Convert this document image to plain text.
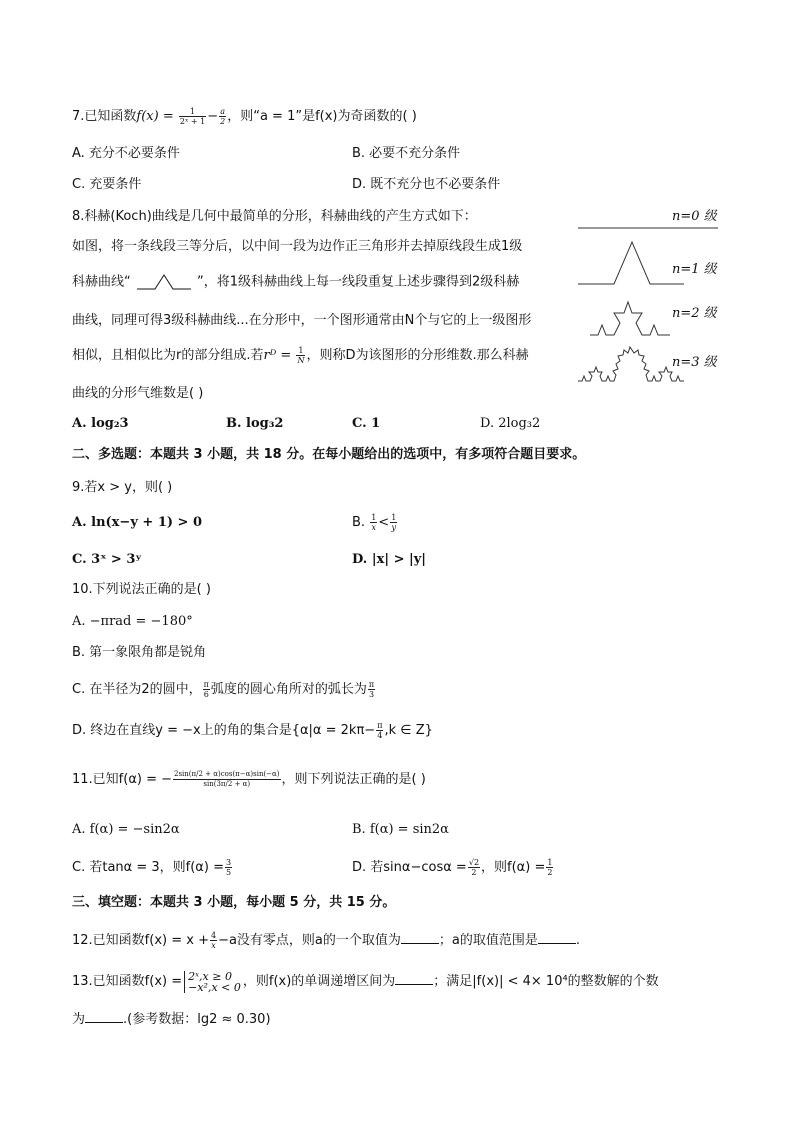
7.已知函数$f(x) = \frac{1}{\text{2ˣ + 1}} - \frac{a}{2}$ ，则“a = 1”是f(x)为奇函数的( )
A. 充分不必要条件	B. 必要不充分条件
C. 充要条件	D. 既不充分也不必要条件
8.科赫(Koch)曲线是几何中最简单的分形，科赫曲线的产生方式如下：
如图，将一条线段三等分后，以中间一段为边作正三角形并去掉原线段生成1级
科赫曲线“	”，将1级科赫曲线上每一线段重复上述步骤得到2级科赫
曲线，同理可得3级科赫曲线...在分形中，一个图形通常由N个与它的上一级图形
相似，且相似比为r的部分组成.若rᴰ = $\frac{1}{N}$ ，则称D为该图形的分形维数.那么科赫
曲线的分形气维数是( )
A. log₂3	B. log₃2	C. 1	D. 2log₃2
n=0 级
n=1 级
n=2 级
n=3 级
二、多选题：本题共 3 小题，共 18 分。在每小题给出的选项中，有多项符合题目要求。
9.若x > y，则( )
A. ln(x−y + 1) > 0	B. $\frac{1}{x} < \frac{1}{y}$
C. 3ˣ > 3ʸ	D. |x| > |y|
10.下列说法正确的是( )
A. −πrad = −180°
B. 第一象限角都是锐角
C. 在半径为2的圆中， $\frac{\pi}{6}$ 弧度的圆心角所对的弧长为 $\frac{\pi}{3}$
D. 终边在直线y = −x上的角的集合是{$\alpha|\alpha = 2k\pi- \frac{\pi}{4} ,k$ ∈ Z}
11.已知f(α) = − $\frac{2\sin(\pi/2 + \alpha)\cos(\pi-\alpha)\sin(-\alpha)}{\sin(3\pi/2 + \alpha)}$ ，则下列说法正确的是( )
A. f(α) = −sin2α	B. f(α) = sin2α
C. 若tanα = 3，则$f(\alpha) = \frac{3}{5}$	D. 若$\sin\alpha-\cos\alpha = \frac{√2}{2}$ ，则$f(\alpha) = \frac{1}{2}$
三、填空题：本题共 3 小题，每小题 5 分，共 15 分。
12.已知函数$f(x) = x + \frac{4}{x} -a$没有零点，则a的一个取值为	；a的取值范围是	.
13.已知函数f(x) = 2ˣ,x ≥ 0
−x²,x < 0 ，则f(x)的单调递增区间为	；满足|f(x)| < 4× 10⁴的整数解的个数
为	.(参考数据：lg2 ≈ 0.30)
